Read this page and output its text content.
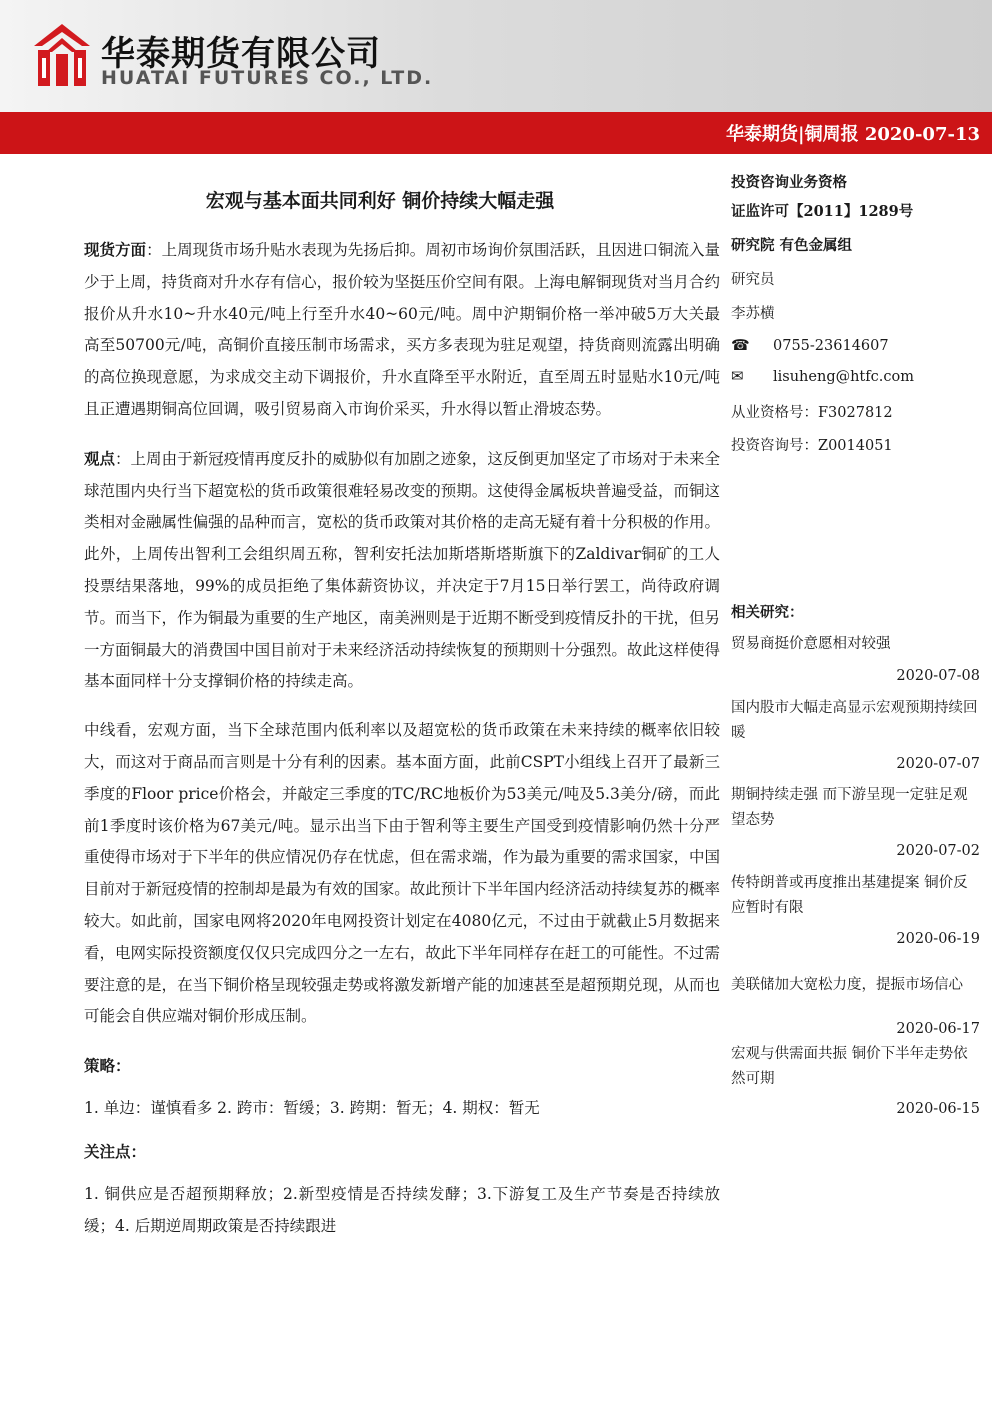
华泰期货有限公司
HUATAI FUTURES CO., LTD.
华泰期货|铜周报 2020-07-13
宏观与基本面共同利好 铜价持续大幅走强

现货方面：上周现货市场升贴水表现为先扬后抑。周初市场询价氛围活跃，且因进口铜流入量少于上周，持货商对升水存有信心，报价较为坚挺压价空间有限。上海电解铜现货对当月合约报价从升水10~升水40元/吨上行至升水40~60元/吨。周中沪期铜价格一举冲破5万大关最高至50700元/吨，高铜价直接压制市场需求，买方多表现为驻足观望，持货商则流露出明确的高位换现意愿，为求成交主动下调报价，升水直降至平水附近，直至周五时显贴水10元/吨且正遭遇期铜高位回调，吸引贸易商入市询价采买，升水得以暂止滑坡态势。

观点：上周由于新冠疫情再度反扑的威胁似有加剧之迹象，这反倒更加坚定了市场对于未来全球范围内央行当下超宽松的货币政策很难轻易改变的预期。这使得金属板块普遍受益，而铜这类相对金融属性偏强的品种而言，宽松的货币政策对其价格的走高无疑有着十分积极的作用。此外，上周传出智利工会组织周五称，智利安托法加斯塔斯塔斯旗下的Zaldivar铜矿的工人投票结果落地，99%的成员拒绝了集体薪资协议，并决定于7月15日举行罢工，尚待政府调节。而当下，作为铜最为重要的生产地区，南美洲则是于近期不断受到疫情反扑的干扰，但另一方面铜最大的消费国中国目前对于未来经济活动持续恢复的预期则十分强烈。故此这样使得基本面同样十分支撑铜价格的持续走高。

中线看，宏观方面，当下全球范围内低利率以及超宽松的货币政策在未来持续的概率依旧较大，而这对于商品而言则是十分有利的因素。基本面方面，此前CSPT小组线上召开了最新三季度的Floor price价格会，并敲定三季度的TC/RC地板价为53美元/吨及5.3美分/磅，而此前1季度时该价格为67美元/吨。显示出当下由于智利等主要生产国受到疫情影响仍然十分严重使得市场对于下半年的供应情况仍存在忧虑，但在需求端，作为最为重要的需求国家，中国目前对于新冠疫情的控制却是最为有效的国家。故此预计下半年国内经济活动持续复苏的概率较大。如此前，国家电网将2020年电网投资计划定在4080亿元，不过由于就截止5月数据来看，电网实际投资额度仅仅只完成四分之一左右，故此下半年同样存在赶工的可能性。不过需要注意的是，在当下铜价格呈现较强走势或将激发新增产能的加速甚至是超预期兑现，从而也可能会自供应端对铜价形成压制。

策略：
1. 单边：谨慎看多 2. 跨市：暂缓；3. 跨期：暂无；4. 期权：暂无
关注点：

1. 铜供应是否超预期释放；2.新型疫情是否持续发酵；3.下游复工及生产节奏是否持续放缓；4. 后期逆周期政策是否持续跟进

投资咨询业务资格
证监许可【2011】1289号
研究院 有色金属组
研究员
李苏横
☎ 0755-23614607
✉ lisuheng@htfc.com
从业资格号：F3027812
投资咨询号：Z0014051
相关研究：
贸易商挺价意愿相对较强
2020-07-08
国内股市大幅走高显示宏观预期持续回暖
2020-07-07
期铜持续走强 而下游呈现一定驻足观望态势
2020-07-02
传特朗普或再度推出基建提案 铜价反应暂时有限
2020-06-19
美联储加大宽松力度，提振市场信心
2020-06-17
宏观与供需面共振 铜价下半年走势依然可期
2020-06-15
